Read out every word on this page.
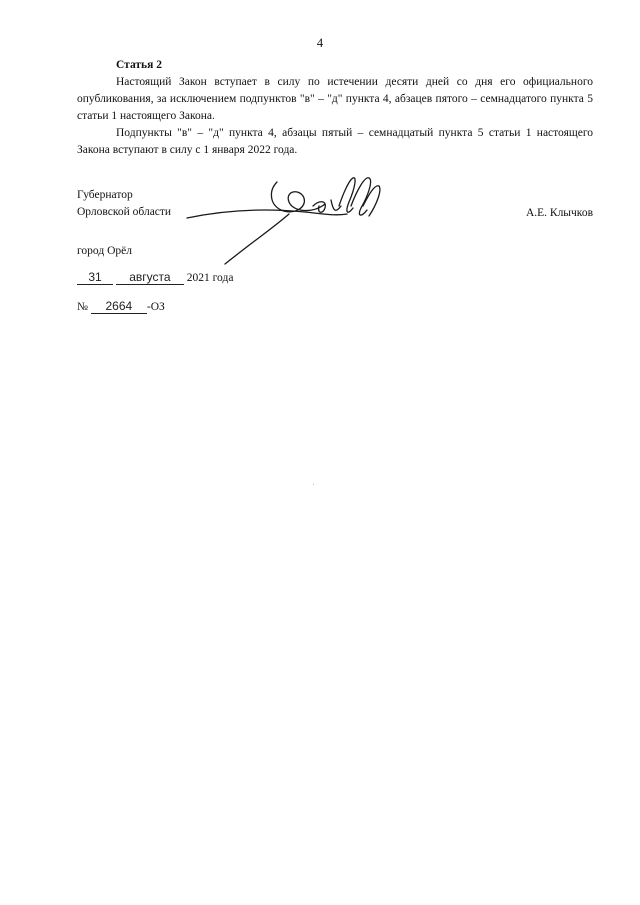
4
Статья 2
Настоящий Закон вступает в силу по истечении десяти дней со дня его официального опубликования, за исключением подпунктов "в" – "д" пункта 4, абзацев пятого – семнадцатого пункта 5 статьи 1 настоящего Закона.
Подпункты "в" – "д" пункта 4, абзацы пятый – семнадцатый пункта 5 статьи 1 настоящего Закона вступают в силу с 1 января 2022 года.
Губернатор
Орловской области	А.Е. Клычков
город Орёл
31 августа 2021 года
№ 2664 -ОЗ
